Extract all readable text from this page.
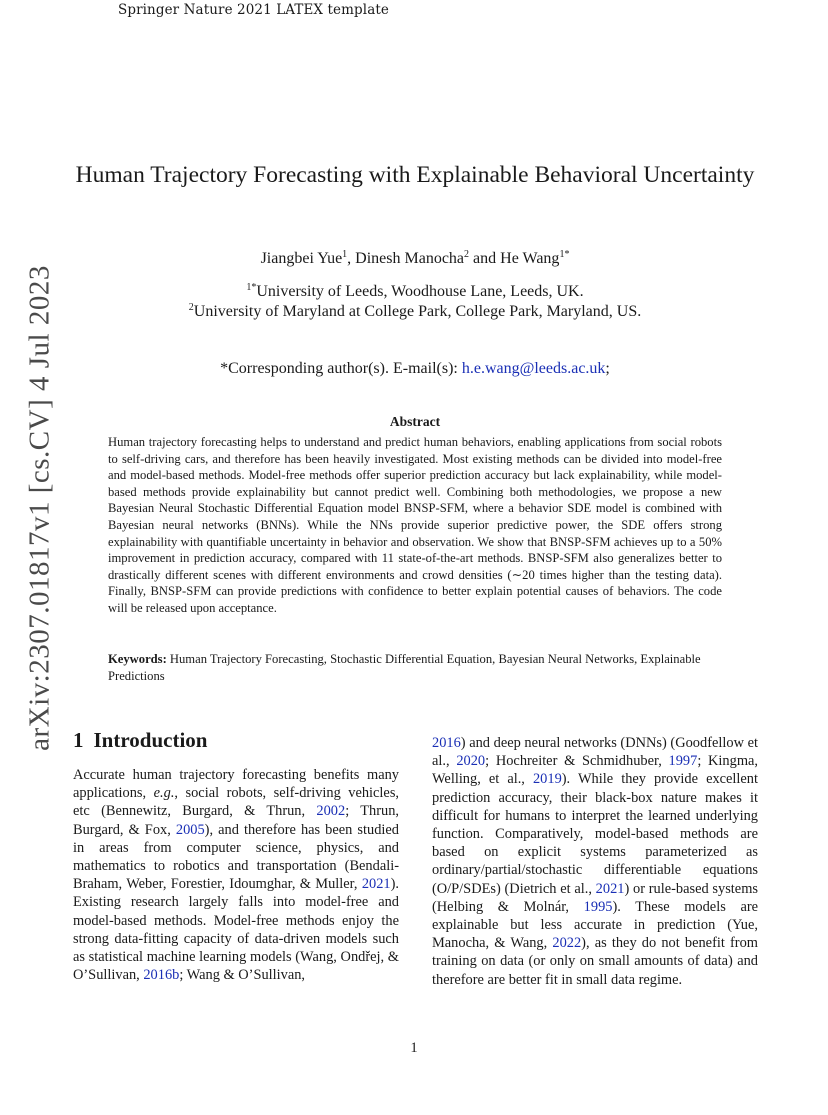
Springer Nature 2021 LATEX template
arXiv:2307.01817v1 [cs.CV] 4 Jul 2023
Human Trajectory Forecasting with Explainable Behavioral Uncertainty
Jiangbei Yue$^1$, Dinesh Manocha$^2$ and He Wang$^{1*}$
$^{1*}$University of Leeds, Woodhouse Lane, Leeds, UK.
$^2$University of Maryland at College Park, College Park, Maryland, US.
*Corresponding author(s). E-mail(s): h.e.wang@leeds.ac.uk;
Abstract
Human trajectory forecasting helps to understand and predict human behaviors, enabling applications from social robots to self-driving cars, and therefore has been heavily investigated. Most existing methods can be divided into model-free and model-based methods. Model-free methods offer superior prediction accuracy but lack explainability, while model-based methods provide explainability but cannot predict well. Combining both methodologies, we propose a new Bayesian Neural Stochastic Differential Equation model BNSP-SFM, where a behavior SDE model is combined with Bayesian neural networks (BNNs). While the NNs provide superior predictive power, the SDE offers strong explainability with quantifiable uncertainty in behavior and observation. We show that BNSP-SFM achieves up to a 50% improvement in prediction accuracy, compared with 11 state-of-the-art methods. BNSP-SFM also generalizes better to drastically different scenes with different environments and crowd densities (∼20 times higher than the testing data). Finally, BNSP-SFM can provide predictions with confidence to better explain potential causes of behaviors. The code will be released upon acceptance.
Keywords: Human Trajectory Forecasting, Stochastic Differential Equation, Bayesian Neural Networks, Explainable Predictions
1 Introduction
Accurate human trajectory forecasting benefits many applications, e.g., social robots, self-driving vehicles, etc (Bennewitz, Burgard, & Thrun, 2002; Thrun, Burgard, & Fox, 2005), and therefore has been studied in areas from computer science, physics, and mathematics to robotics and transportation (Bendali-Braham, Weber, Forestier, Idoumghar, & Muller, 2021). Existing research largely falls into model-free and model-based methods. Model-free methods enjoy the strong data-fitting capacity of data-driven models such as statistical machine learning models (Wang, Ondřej, & O’Sullivan, 2016b; Wang & O’Sullivan,
2016) and deep neural networks (DNNs) (Goodfellow et al., 2020; Hochreiter & Schmidhuber, 1997; Kingma, Welling, et al., 2019). While they provide excellent prediction accuracy, their black-box nature makes it difficult for humans to interpret the learned underlying function. Comparatively, model-based methods are based on explicit systems parameterized as ordinary/partial/stochastic differentiable equations (O/P/SDEs) (Dietrich et al., 2021) or rule-based systems (Helbing & Molnár, 1995). These models are explainable but less accurate in prediction (Yue, Manocha, & Wang, 2022), as they do not benefit from training on data (or only on small amounts of data) and therefore are better fit in small data regime.
1
